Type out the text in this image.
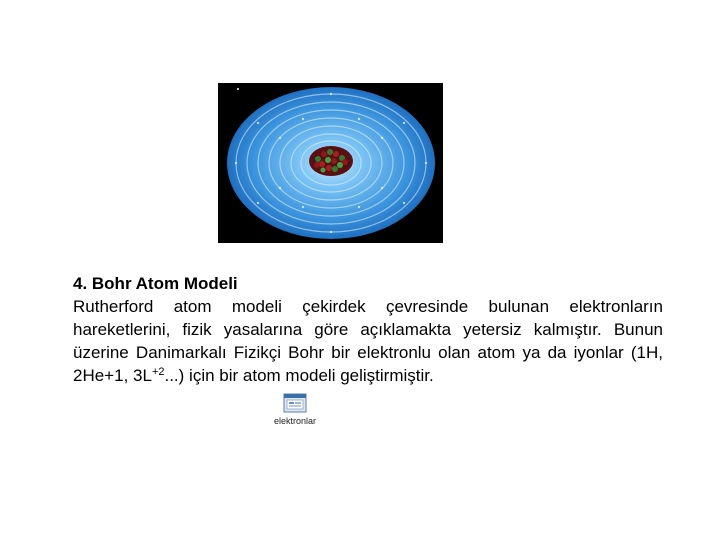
4. Bohr Atom Modeli
Rutherford atom modeli çekirdek çevresinde bulunan elektronların hareketlerini, fizik yasalarına göre açıklamakta yetersiz kalmıştır. Bunun üzerine Danimarkalı Fizikçi Bohr bir elektronlu olan atom ya da iyonlar (1H, 2He+1, $3L^{+2}$...) için bir atom modeli geliştirmiştir.
elektronlar
